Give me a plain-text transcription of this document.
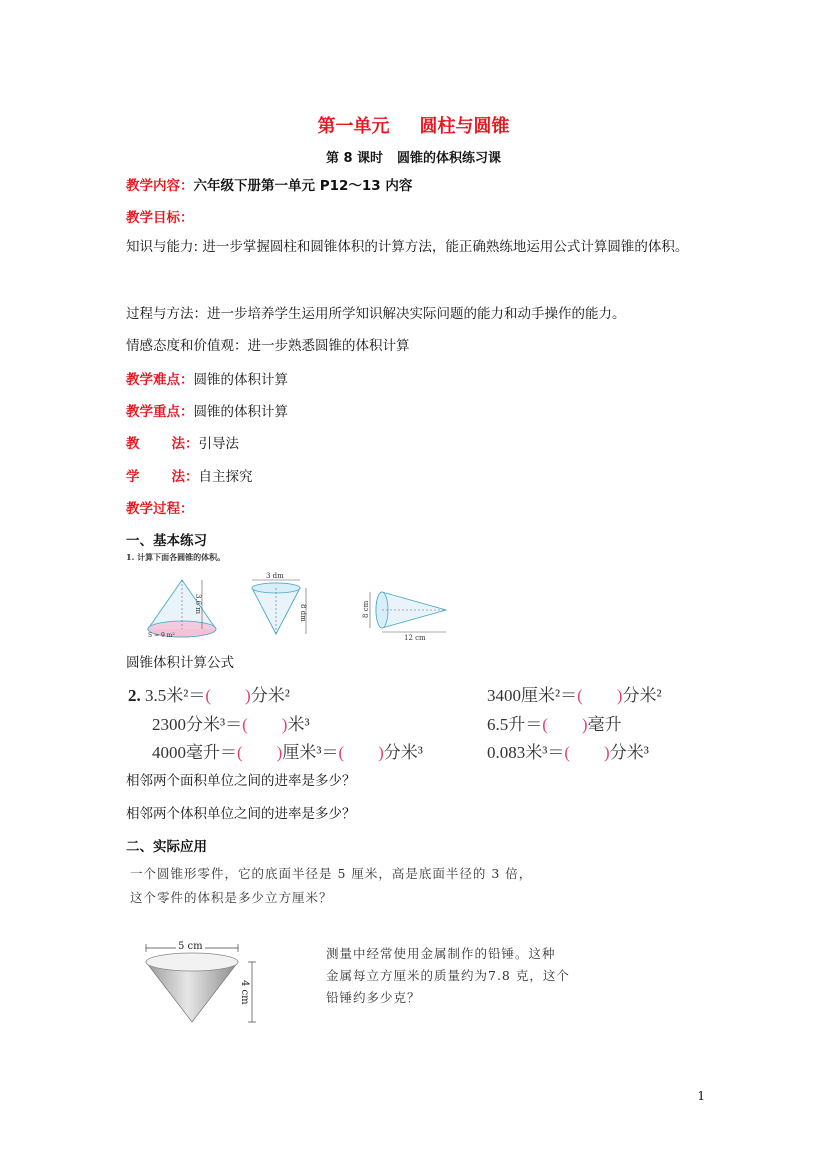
第一单元 圆柱与圆锥
第 8 课时 圆锥的体积练习课
教学内容：六年级下册第一单元 P12～13 内容
教学目标：
知识与能力: 进一步掌握圆柱和圆锥体积的计算方法，能正确熟练地运用公式计算圆锥的体积。
过程与方法：进一步培养学生运用所学知识解决实际问题的能力和动手操作的能力。
情感态度和价值观：进一步熟悉圆锥的体积计算
教学难点：圆锥的体积计算
教学重点：圆锥的体积计算
教 法：引导法
学 法：自主探究
教学过程：
一、基本练习
1. 计算下面各圆锥的体积。
3.6 m
S = 9 m²
3 dm
8 dm	8 cm
12 cm
圆锥体积计算公式
2. 3.5米²＝( )分米²	3400厘米²＝( )分米²
2300分米³＝( )米³	6.5升＝( )毫升
4000毫升＝( )厘米³＝( )分米³	0.083米³＝( )分米³
相邻两个面积单位之间的进率是多少？
相邻两个体积单位之间的进率是多少？
二、实际应用
一个圆锥形零件，它的底面半径是 5 厘米，高是底面半径的 3 倍，
这个零件的体积是多少立方厘米？
5 cm
4 cm
测量中经常使用金属制作的铅锤。这种
金属每立方厘米的质量约为7.8 克，这个
铅锤约多少克？
1
